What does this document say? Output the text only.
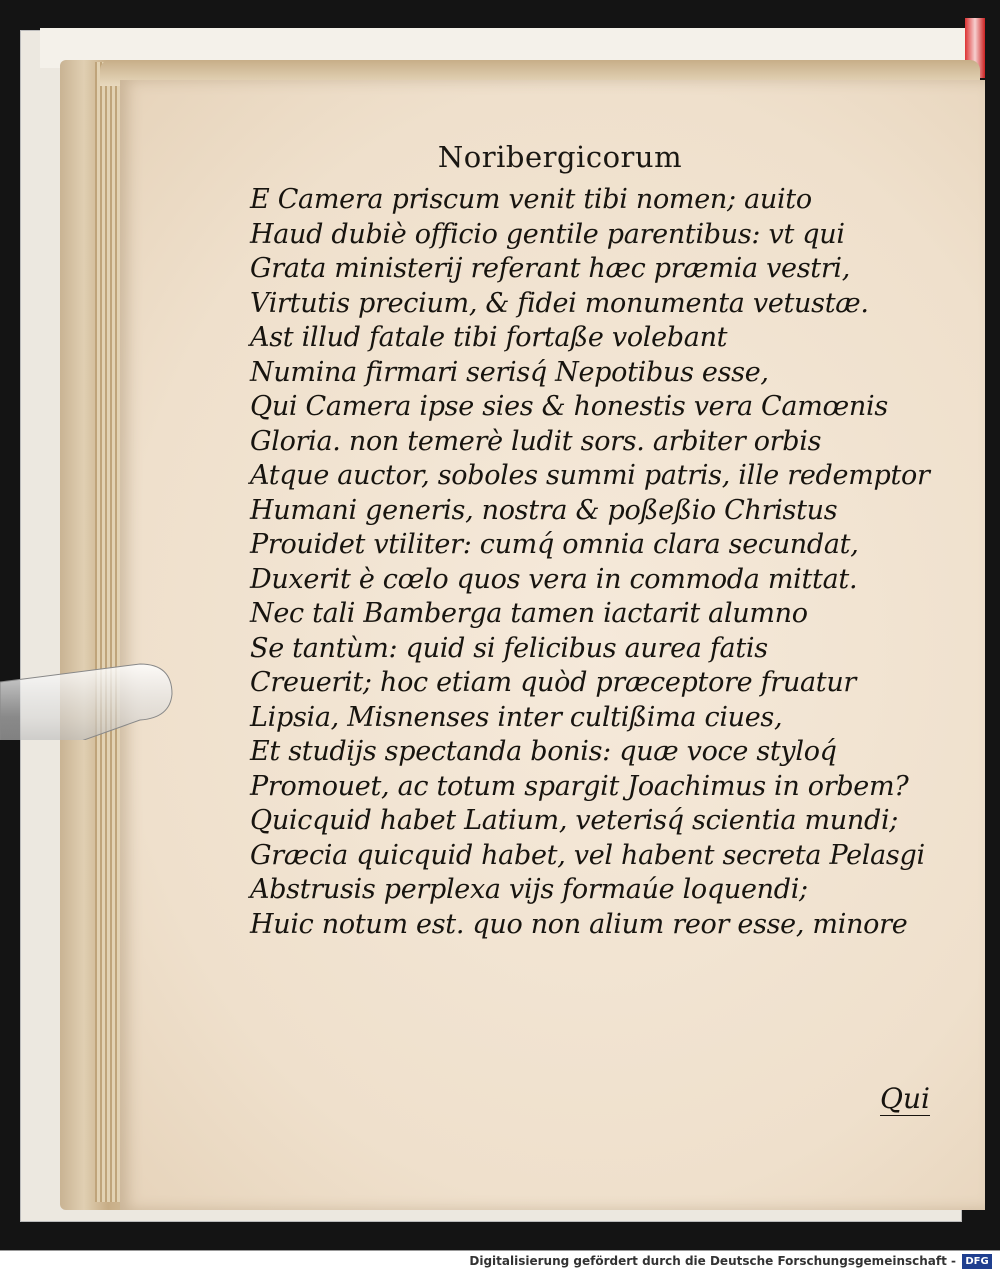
Noribergicorum
E Camera priscum venit tibi nomen; auito
Haud dubiè officio gentile parentibus: vt qui
Grata ministerij referant hæc præmia vestri,
Virtutis precium, & fidei monumenta vetustæ.
Ast illud fatale tibi fortaße volebant
Numina firmari serisq́ Nepotibus esse,
Qui Camera ipse sies & honestis vera Camœnis
Gloria. non temerè ludit sors. arbiter orbis
Atque auctor, soboles summi patris, ille redemptor
Humani generis, nostra & poßeßio Christus
Prouidet vtiliter: cumq́ omnia clara secundat,
Duxerit è cœlo quos vera in commoda mittat.
Nec tali Bamberga tamen iactarit alumno
Se tantùm: quid si felicibus aurea fatis
Creuerit; hoc etiam quòd præceptore fruatur
Lipsia, Misnenses inter cultißima ciues,
Et studijs spectanda bonis: quæ voce styloq́
Promouet, ac totum spargit Joachimus in orbem?
Quicquid habet Latium, veterisq́ scientia mundi;
Græcia quicquid habet, vel habent secreta Pelasgi
Abstrusis perplexa vijs formaúe loquendi;
Huic notum est. quo non alium reor esse, minore
Qui
Digitalisierung gefördert durch die Deutsche Forschungsgemeinschaft - DFG
